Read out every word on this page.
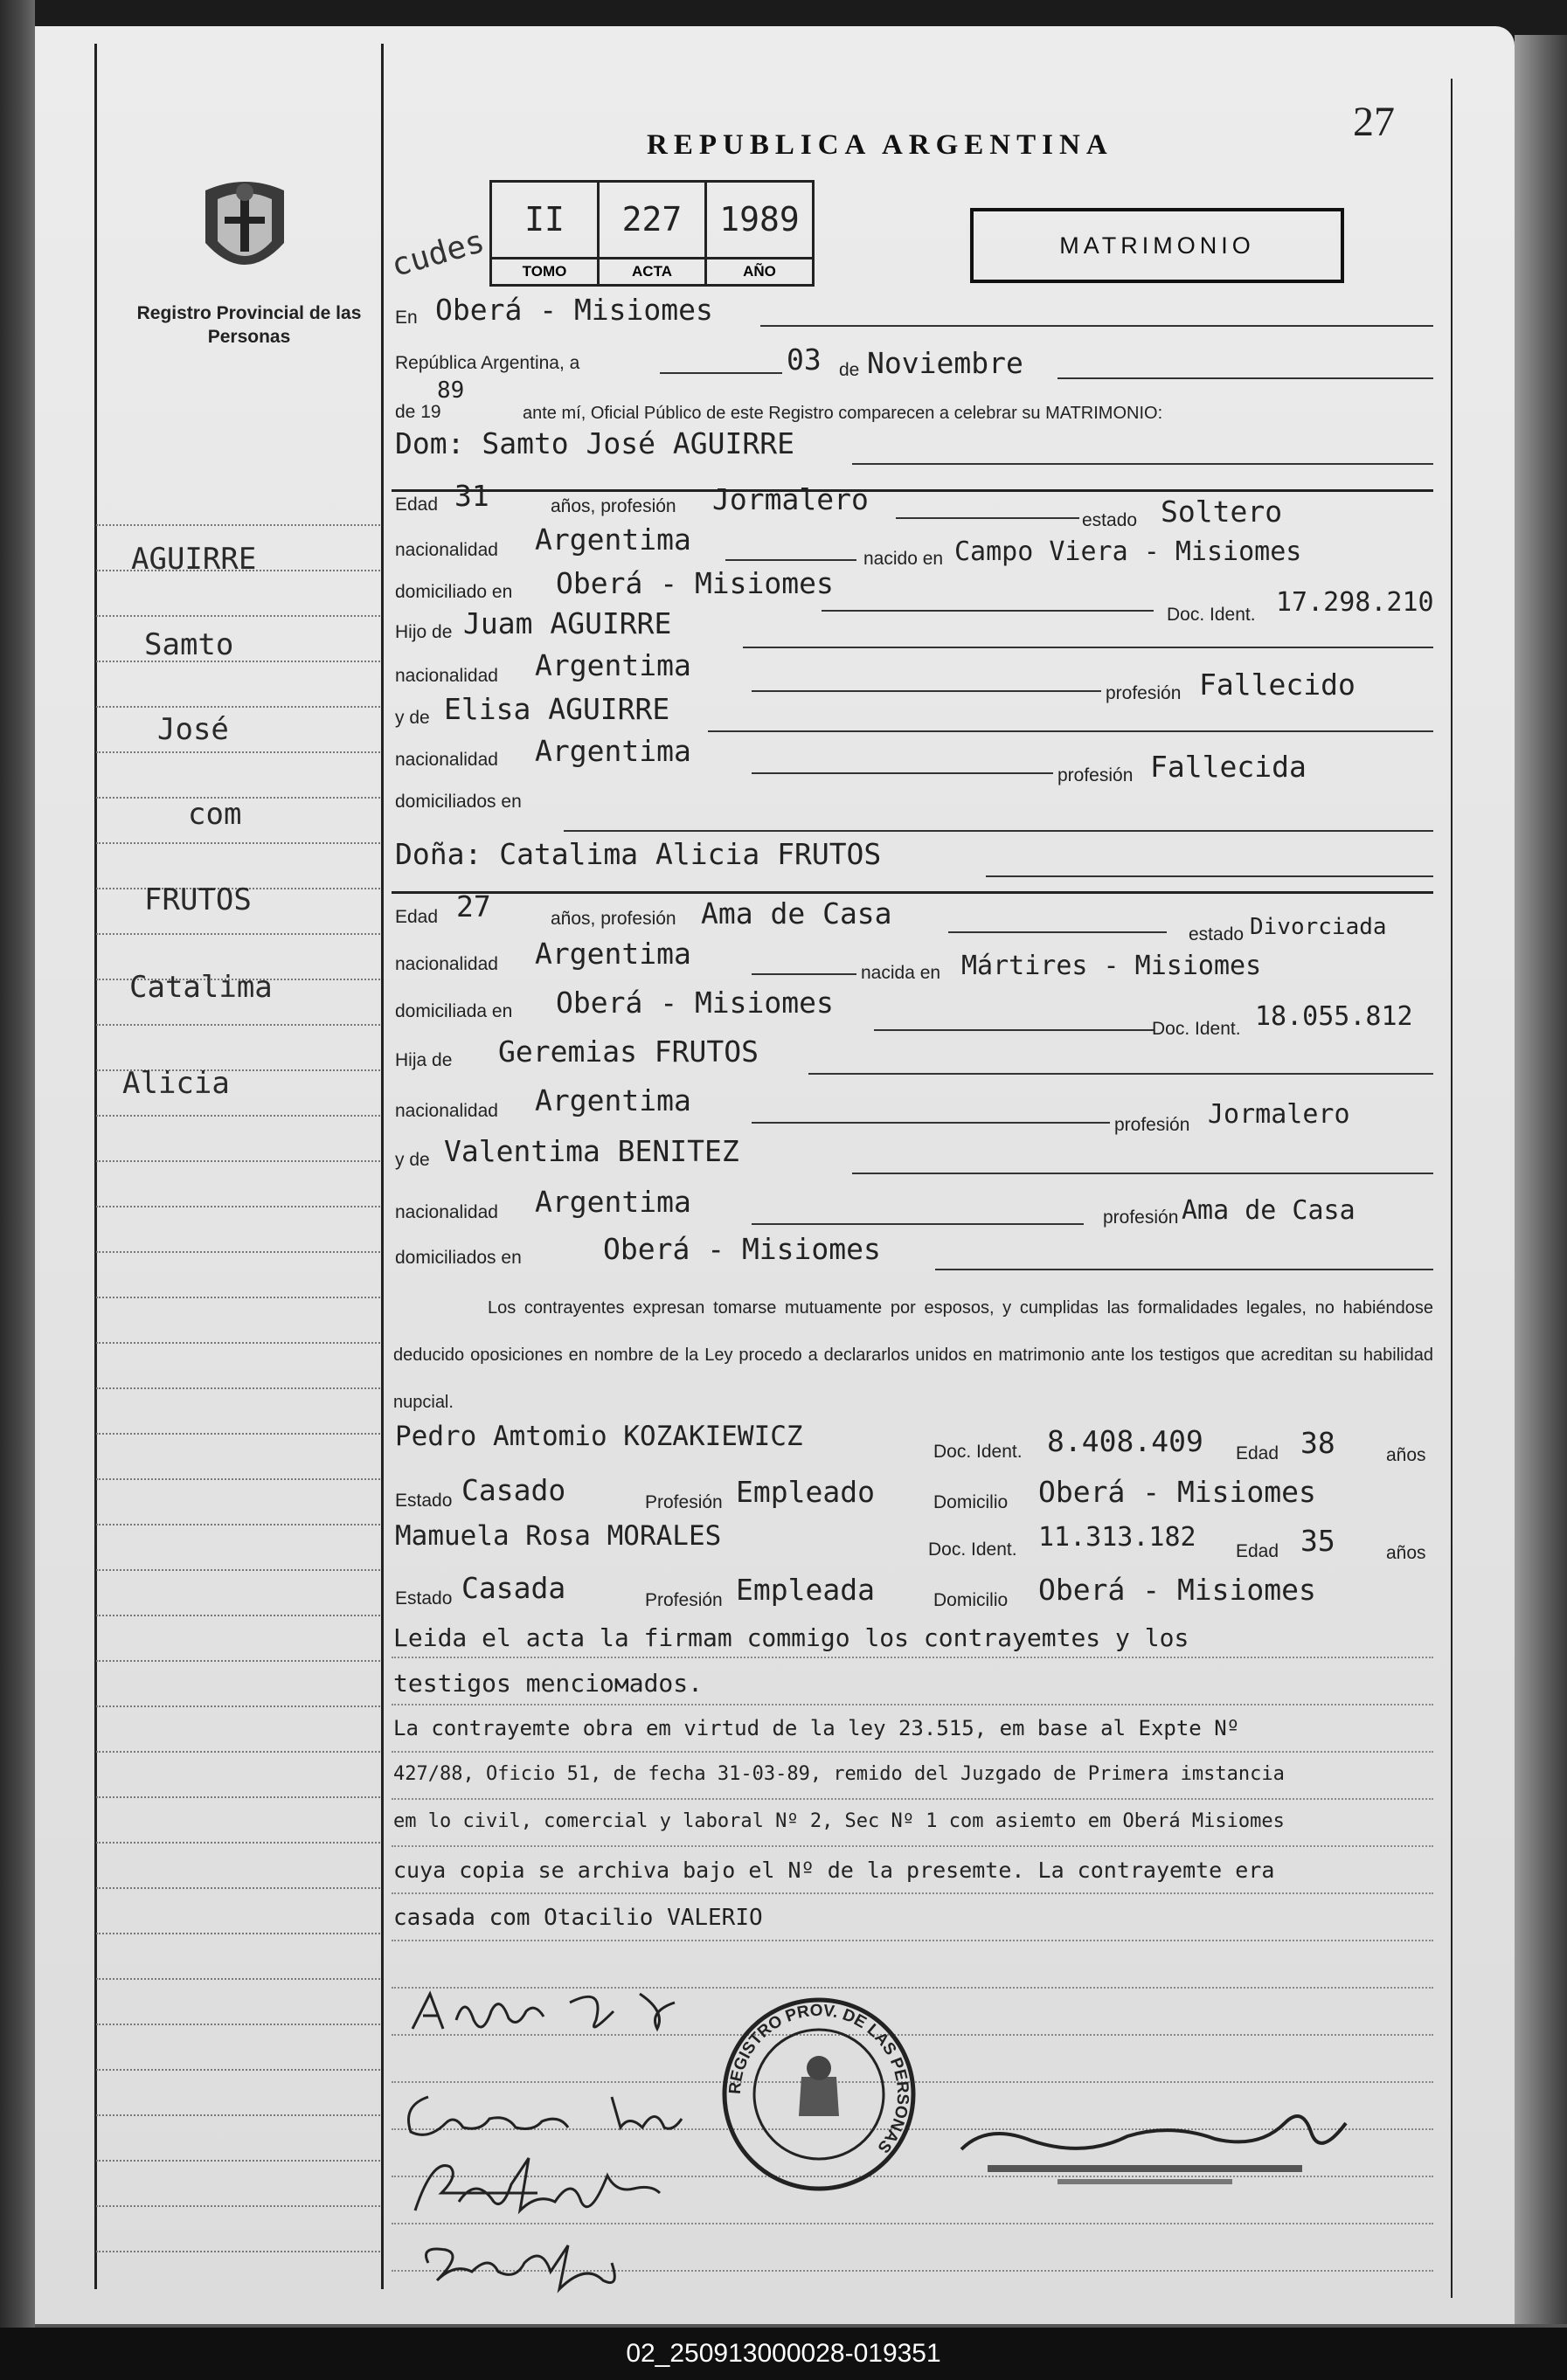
Registro Provincial de las Personas
27
REPUBLICA ARGENTINA
MATRIMONIO
cudes
II
TOMO
227
ACTA
1989
AÑO
AGUIRRE
Samto
José
com
FRUTOS
Catalima
Alicia
En Oberá - Misiomes
República Argentina, a	03 de Noviembre
de 19
89
ante mí, Oficial Público de este Registro comparecen a celebrar su MATRIMONIO:
Dom: Samto José AGUIRRE
Edad 31	años, profesión Jormalero
estado Soltero
nacionalidad Argentima
nacido en Campo Viera - Misiomes
domiciliado en Oberá - Misiomes
Doc. Ident. 17.298.210
Hijo de Juam AGUIRRE
nacionalidad Argentima
profesión Fallecido
y de Elisa AGUIRRE
nacionalidad Argentima
profesión Fallecida
domiciliados en
Doña: Catalima Alicia FRUTOS
Edad 27	años, profesión Ama de Casa
estado Divorciada
nacionalidad Argentima
nacida en Mártires - Misiomes
domiciliada en Oberá - Misiomes
Doc. Ident. 18.055.812
Hija de Geremias FRUTOS
nacionalidad Argentima
profesión Jormalero
y de Valentima BENITEZ
nacionalidad Argentima	profesión Ama de Casa
domiciliados en	Oberá - Misiomes
Los contrayentes expresan tomarse mutuamente por esposos, y cumplidas las formalidades legales, no habiéndose deducido oposiciones en nombre de la Ley procedo a declararlos unidos en matrimonio ante los testigos que acreditan su habilidad nupcial.
Pedro Amtomio KOZAKIEWICZ	Doc. Ident. 8.408.409 Edad 38	años
Estado Casado	Profesión Empleado	Domicilio Oberá - Misiomes
Mamuela Rosa MORALES	Doc. Ident. 11.313.182 Edad 35	años
Estado Casada	Profesión Empleada	Domicilio Oberá - Misiomes
Leida el acta la firmam commigo los contrayemtes y los
testigos mencioмados.
La contrayemte obra em virtud de la ley 23.515, em base al Expte Nº
427/88, Oficio 51, de fecha 31-03-89, remido del Juzgado de Primera imstancia
em lo civil, comercial y laboral Nº 2, Sec Nº 1 com asiemto em Oberá Misiomes
cuya copia se archiva bajo el Nº de la presemte. La contrayemte era
casada com Otacilio VALERIO
REGISTRO PROV. DE LAS PERSONAS
02_250913000028-019351
